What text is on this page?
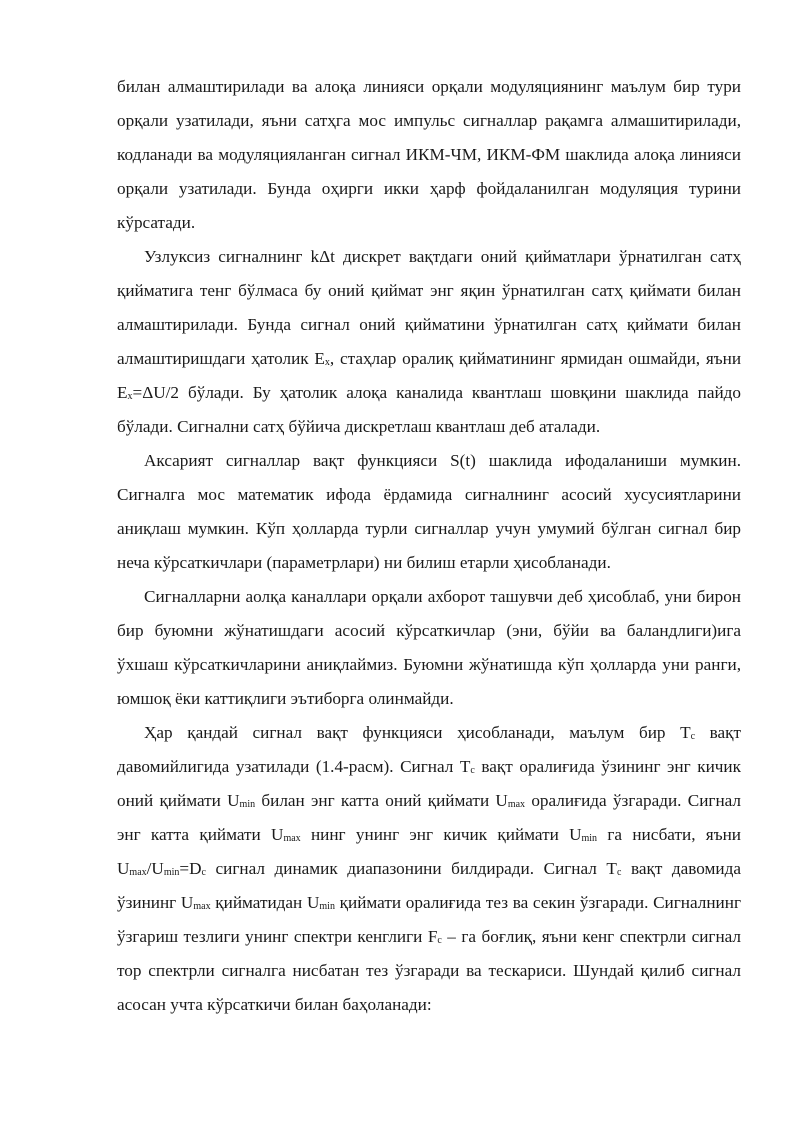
билан алмаштирилади ва алоқа линияси орқали модуляциянинг маълум бир тури орқали узатилади, яъни сатҳга мос импульс сигналлар рақамга алмашитирилади, кодланади ва модуляцияланган сигнал ИКМ-ЧМ, ИКМ-ФМ шаклида алоқа линияси орқали узатилади. Бунда оҳирги икки ҳарф фойдаланилган модуляция турини кўрсатади.

Узлуксиз сигналнинг kΔt дискрет вақтдаги оний қийматлари ўрнатилган сатҳ қийматига тенг бўлмаса бу оний қиймат энг яқин ўрнатилган сатҳ қиймати билан алмаштирилади. Бунда сигнал оний қийматини ўрнатилган сатҳ қиймати билан алмаштиришдаги ҳатолик $E_x$, стаҳлар оралиқ қийматининг ярмидан ошмайди, яъни $E_x=\Delta U/2$ бўлади. Бу ҳатолик алоқа каналида квантлаш шовқини шаклида пайдо бўлади. Сигнални сатҳ бўйича дискретлаш квантлаш деб аталади.

Аксарият сигналлар вақт функцияси S(t) шаклида ифодаланиши мумкин. Сигналга мос математик ифода ёрдамида сигналнинг асосий хусусиятларини аниқлаш мумкин. Кўп ҳолларда турли сигналлар учун умумий бўлган сигнал бир неча кўрсаткичлари (параметрлари) ни билиш етарли ҳисобланади.

Сигналларни аолқа каналлари орқали ахборот ташувчи деб ҳисоблаб, уни бирон бир буюмни жўнатишдаги асосий кўрсаткичлар (эни, бўйи ва баландлиги)ига ўхшаш кўрсаткичларини аниқлаймиз. Буюмни жўнатишда кўп ҳолларда уни ранги, юмшоқ ёки каттиқлиги эътиборга олинмайди.

Ҳар қандай сигнал вақт функцияси ҳисобланади, маълум бир $Т_c$ вақт давомийлигида узатилади (1.4-расм). Сигнал $Т_c$ вақт оралиғида ўзининг энг кичик оний қиймати $U_{min}$ билан энг катта оний қиймати $U_{max}$ оралиғида ўзгаради. Сигнал энг катта қиймати $U_{max}$ нинг унинг энг кичик қиймати $U_{min}$ га нисбати, яъни $U_{max}/U_{min}=D_c$ сигнал динамик диапазонини билдиради. Сигнал $Т_c$ вақт давомида ўзининг $U_{max}$ қийматидан $U_{min}$ қиймати оралиғида тез ва секин ўзгаради. Сигналнинг ўзгариш тезлиги унинг спектри кенглиги $F_c$ – га боғлиқ, яъни кенг спектрли сигнал тор спектрли сигналга нисбатан тез ўзгаради ва тескариси. Шундай қилиб сигнал асосан учта кўрсаткичи билан баҳоланади:
